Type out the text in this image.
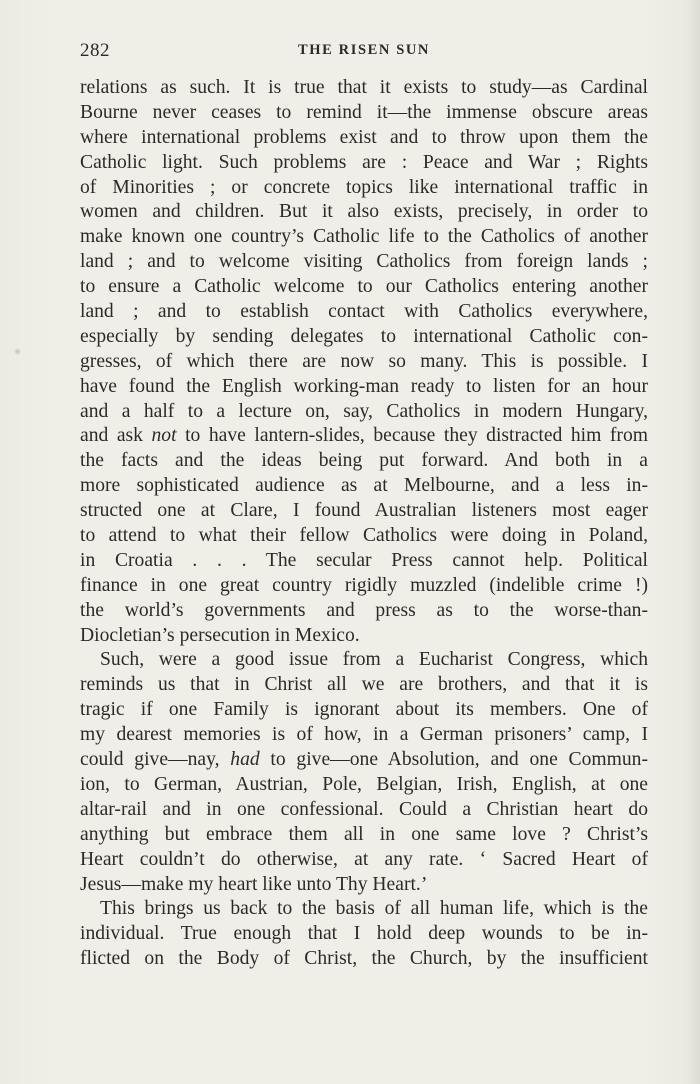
282	THE RISEN SUN
relations as such. It is true that it exists to study—as Cardinal
Bourne never ceases to remind it—the immense obscure areas
where international problems exist and to throw upon them the
Catholic light. Such problems are : Peace and War ; Rights
of Minorities ; or concrete topics like international traffic in
women and children. But it also exists, precisely, in order to
make known one country’s Catholic life to the Catholics of another
land ; and to welcome visiting Catholics from foreign lands ;
to ensure a Catholic welcome to our Catholics entering another
land ; and to establish contact with Catholics everywhere,
especially by sending delegates to international Catholic con-
gresses, of which there are now so many. This is possible. I
have found the English working-man ready to listen for an hour
and a half to a lecture on, say, Catholics in modern Hungary,
and ask not to have lantern-slides, because they distracted him from
the facts and the ideas being put forward. And both in a
more sophisticated audience as at Melbourne, and a less in-
structed one at Clare, I found Australian listeners most eager
to attend to what their fellow Catholics were doing in Poland,
in Croatia . . . The secular Press cannot help. Political
finance in one great country rigidly muzzled (indelible crime !)
the world’s governments and press as to the worse-than-
Diocletian’s persecution in Mexico.
Such, were a good issue from a Eucharist Congress, which
reminds us that in Christ all we are brothers, and that it is
tragic if one Family is ignorant about its members. One of
my dearest memories is of how, in a German prisoners’ camp, I
could give—nay, had to give—one Absolution, and one Commun-
ion, to German, Austrian, Pole, Belgian, Irish, English, at one
altar-rail and in one confessional. Could a Christian heart do
anything but embrace them all in one same love ? Christ’s
Heart couldn’t do otherwise, at any rate. ‘ Sacred Heart of
Jesus—make my heart like unto Thy Heart.’
This brings us back to the basis of all human life, which is the
individual. True enough that I hold deep wounds to be in-
flicted on the Body of Christ, the Church, by the insufficient
